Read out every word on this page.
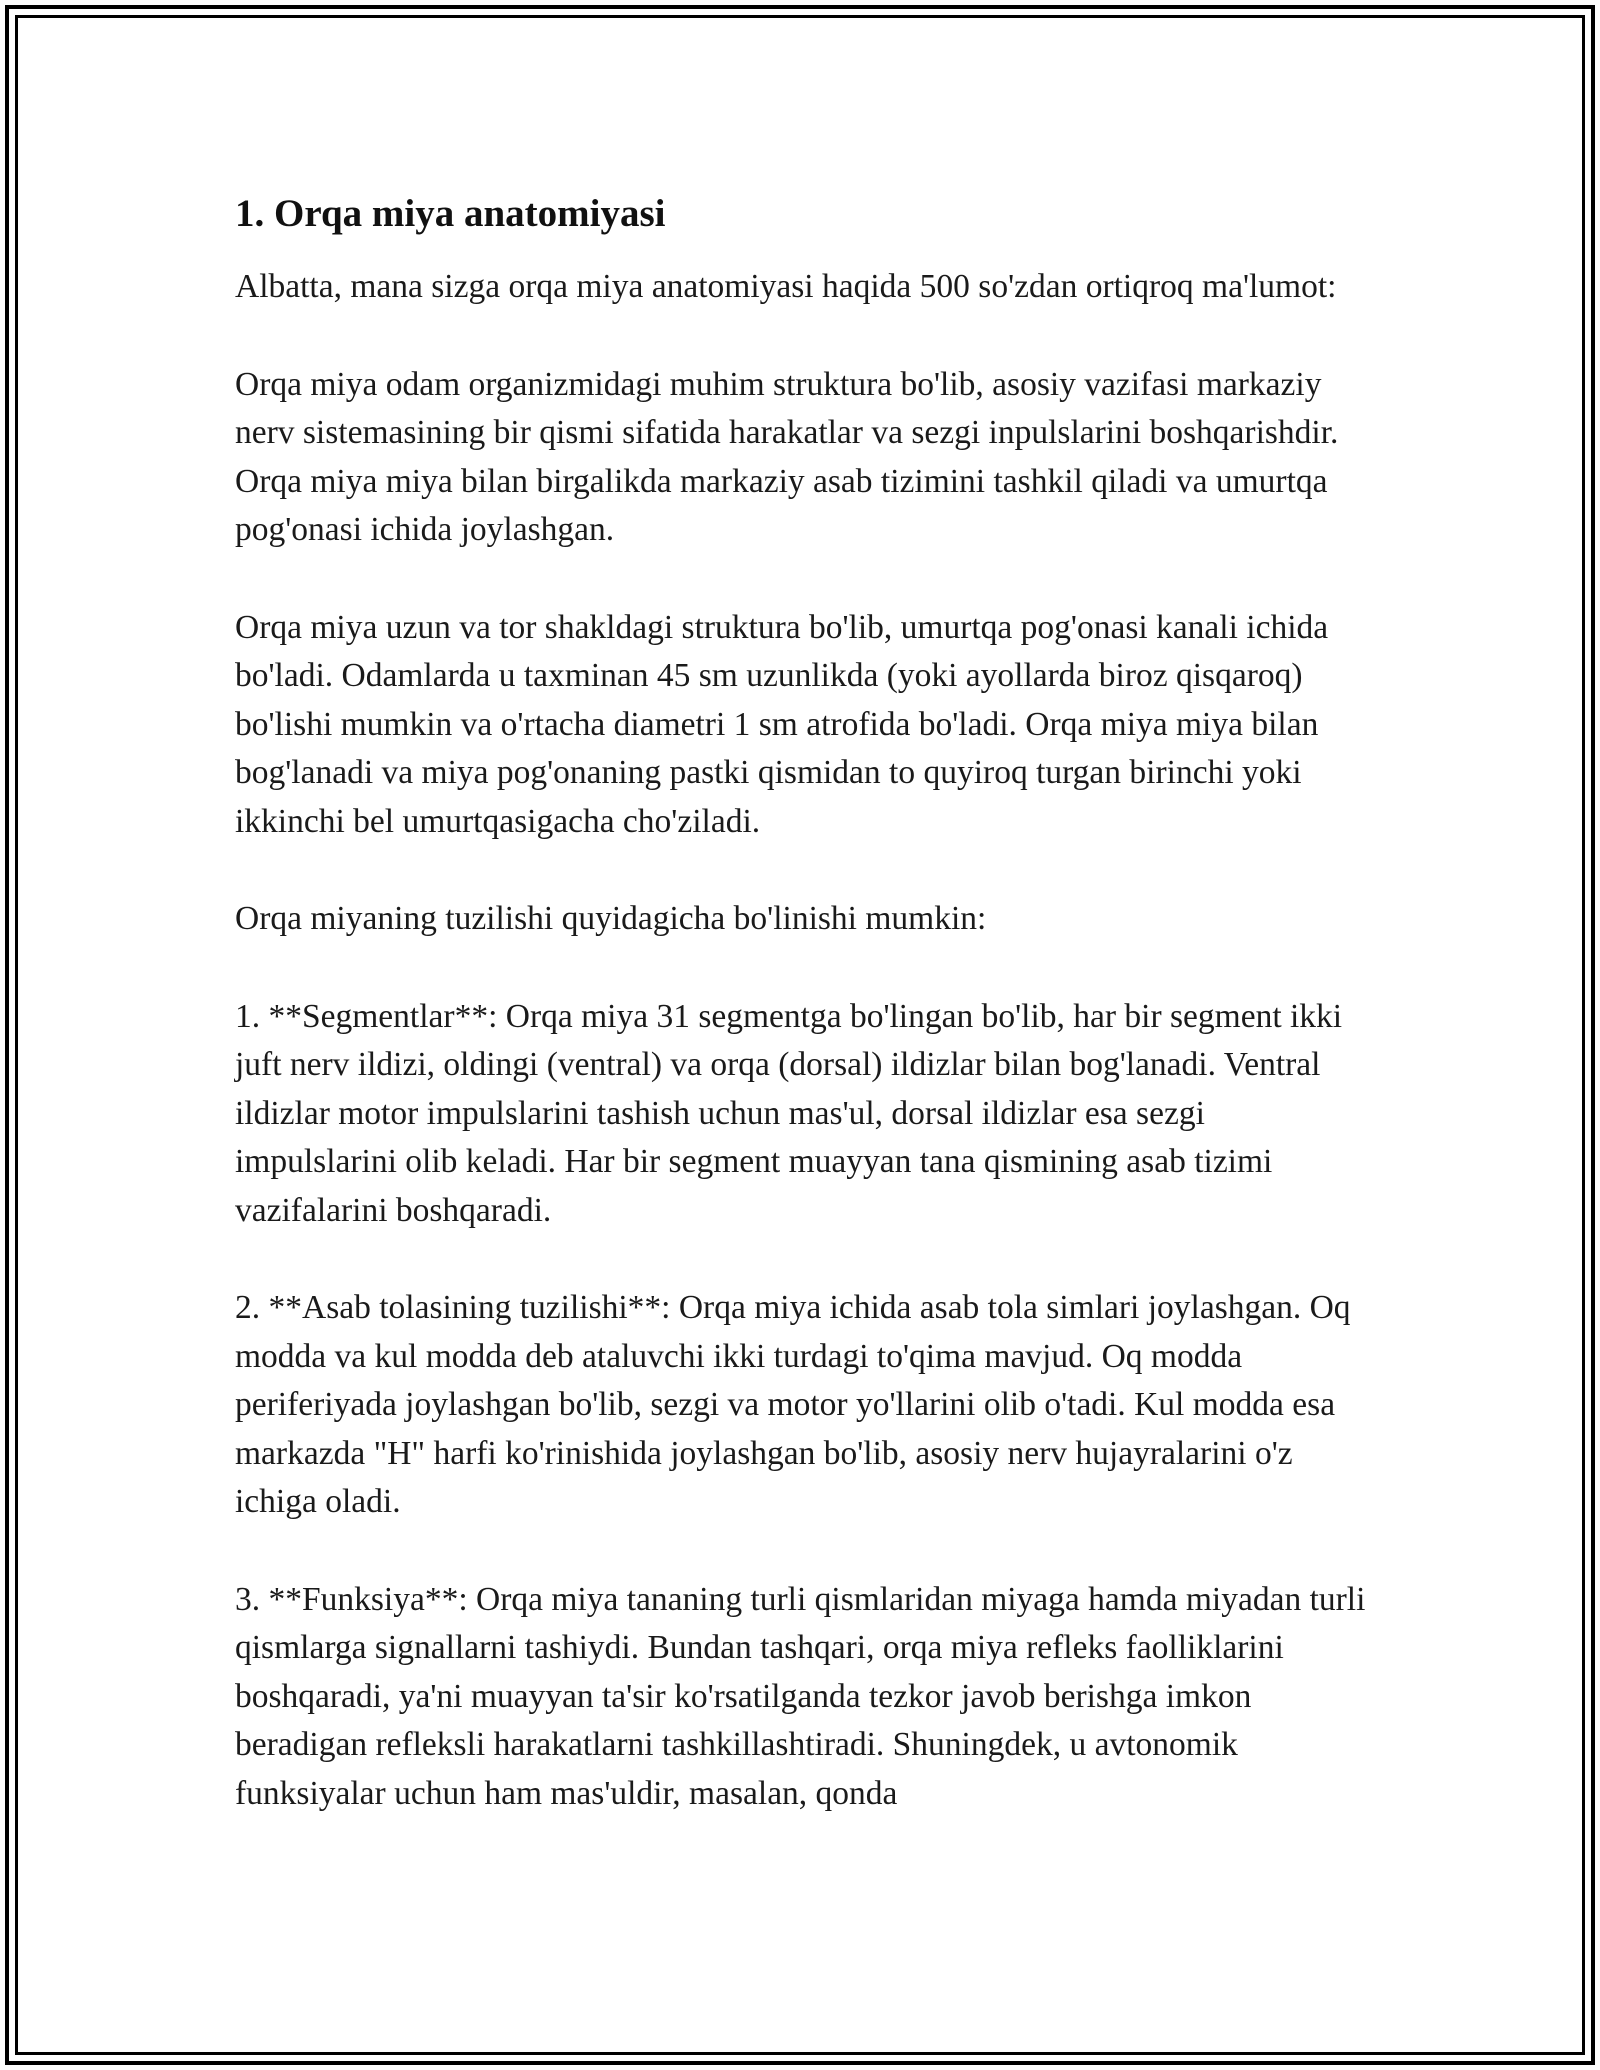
1. Orqa miya anatomiyasi

Albatta, mana sizga orqa miya anatomiyasi haqida 500 so'zdan ortiqroq ma'lumot:

Orqa miya odam organizmidagi muhim struktura bo'lib, asosiy vazifasi markaziy nerv sistemasining bir qismi sifatida harakatlar va sezgi inpulslarini boshqarishdir. Orqa miya miya bilan birgalikda markaziy asab tizimini tashkil qiladi va umurtqa pog'onasi ichida joylashgan.

Orqa miya uzun va tor shakldagi struktura bo'lib, umurtqa pog'onasi kanali ichida bo'ladi. Odamlarda u taxminan 45 sm uzunlikda (yoki ayollarda biroz qisqaroq) bo'lishi mumkin va o'rtacha diametri 1 sm atrofida bo'ladi. Orqa miya miya bilan bog'lanadi va miya pog'onaning pastki qismidan to quyiroq turgan birinchi yoki ikkinchi bel umurtqasigacha cho'ziladi.

Orqa miyaning tuzilishi quyidagicha bo'linishi mumkin:

1. **Segmentlar**: Orqa miya 31 segmentga bo'lingan bo'lib, har bir segment ikki juft nerv ildizi, oldingi (ventral) va orqa (dorsal) ildizlar bilan bog'lanadi. Ventral ildizlar motor impulslarini tashish uchun mas'ul, dorsal ildizlar esa sezgi impulslarini olib keladi. Har bir segment muayyan tana qismining asab tizimi vazifalarini boshqaradi.

2. **Asab tolasining tuzilishi**: Orqa miya ichida asab tola simlari joylashgan. Oq modda va kul modda deb ataluvchi ikki turdagi to'qima mavjud. Oq modda periferiyada joylashgan bo'lib, sezgi va motor yo'llarini olib o'tadi. Kul modda esa markazda "H" harfi ko'rinishida joylashgan bo'lib, asosiy nerv hujayralarini o'z ichiga oladi.

3. **Funksiya**: Orqa miya tananing turli qismlaridan miyaga hamda miyadan turli qismlarga signallarni tashiydi. Bundan tashqari, orqa miya refleks faolliklarini boshqaradi, ya'ni muayyan ta'sir ko'rsatilganda tezkor javob berishga imkon beradigan refleksli harakatlarni tashkillashtiradi. Shuningdek, u avtonomik funksiyalar uchun ham mas'uldir, masalan, qonda
